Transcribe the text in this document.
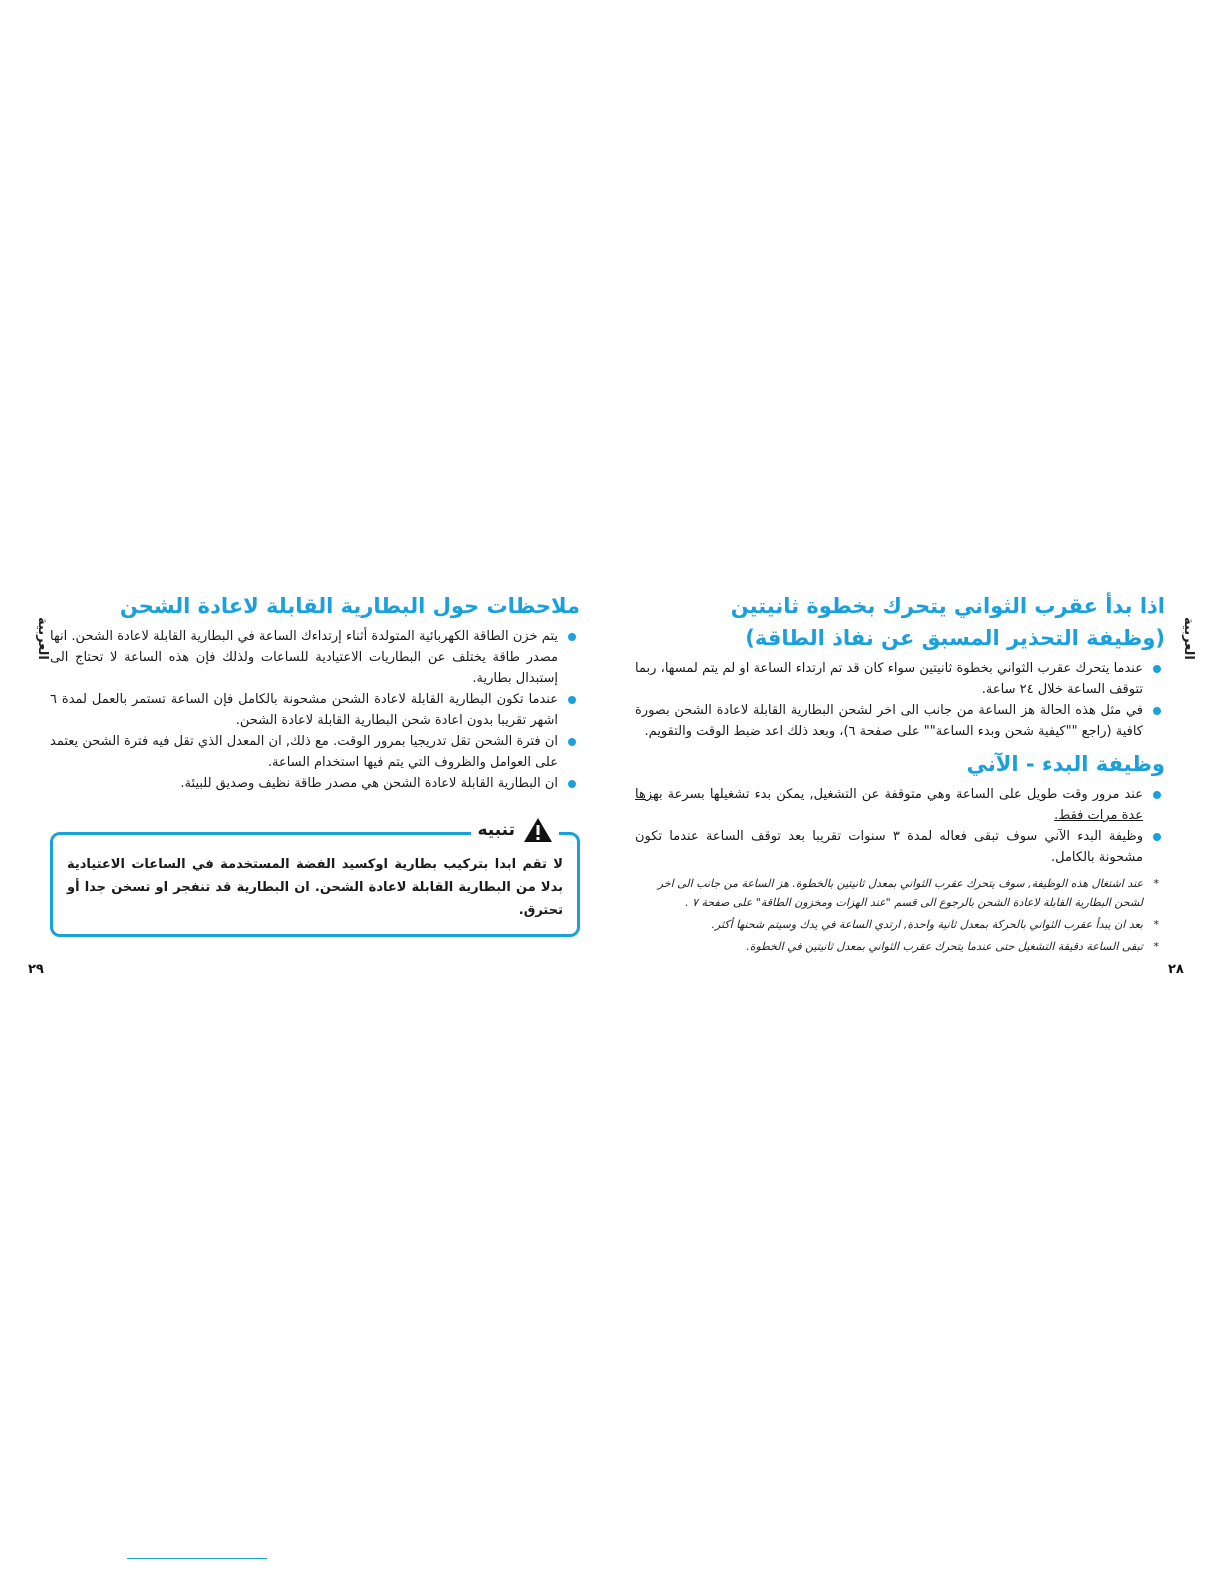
العربية	العربية
ملاحظات حول البطارية القابلة لاعادة الشحن
يتم خزن الطاقة الكهربائية المتولدة أثناء إرتداءك الساعة في البطارية القابلة لاعادة الشحن. انها مصدر طاقة يختلف عن البطاريات الاعتيادية للساعات ولذلك فإن هذه الساعة لا تحتاج الى إستبدال بطارية.
عندما تكون البطارية القابلة لاعادة الشحن مشحونة بالكامل فإن الساعة تستمر بالعمل لمدة ٦ اشهر تقريبا بدون اعادة شحن البطارية القابلة لاعادة الشحن.
ان فترة الشحن تقل تدريجيا بمرور الوقت. مع ذلك, ان المعدل الذي تقل فيه فترة الشحن يعتمد على العوامل والظروف التي يتم فيها استخدام الساعة.
ان البطارية القابلة لاعادة الشحن هي مصدر طاقة نظيف وصديق للبيئة.
تنبيه

لا تقم ابدا بتركيب بطارية اوكسيد الفضة المستخدمة في الساعات الاعتيادية بدلا من البطارية القابلة لاعادة الشحن. ان البطارية قد تنفجر او تسخن جدا أو تحترق.

اذا بدأ عقرب الثواني يتحرك بخطوة ثانيتين
(وظيفة التحذير المسبق عن نفاذ الطاقة)
عندما يتحرك عقرب الثواني بخطوة ثانيتين سواء كان قد تم ارتداء الساعة او لم يتم لمسها، ربما تتوقف الساعة خلال ٢٤ ساعة.
في مثل هذه الحالة هز الساعة من جانب الى اخر لشحن البطارية القابلة لاعادة الشحن بصورة كافية (راجع ""كيفية شحن وبدء الساعة"" على صفحة ٦)، وبعد ذلك اعد ضبط الوقت والتقويم.
وظيفة البدء - الآني
عند مرور وقت طويل على الساعة وهي متوقفة عن التشغيل, يمكن بدء تشغيلها بسرعة بهزها عدة مرات فقط.
وظيفة البدء الآني سوف تبقى فعاله لمدة ٣ سنوات تقريبا بعد توقف الساعة عندما تكون مشحونة بالكامل.
* عند اشتغال هذه الوظيفة, سوف يتحرك عقرب الثواني بمعدل ثانيتين بالخطوة. هز الساعة من جانب الى اخر لشحن البطارية القابلة لاعادة الشحن بالرجوع الى قسم "عند الهزات ومخزون الطاقة" على صفحة ٧ .
* بعد ان يبدأ عقرب الثواني بالحركة بمعدل ثانية واحدة, ارتدي الساعة في يدك وسيتم شحنها أكثر.
* تبقى الساعة دقيقة التشغيل حتى عندما يتحرك عقرب الثواني بمعدل ثانيتين في الخطوة.
٢٩	٢٨
